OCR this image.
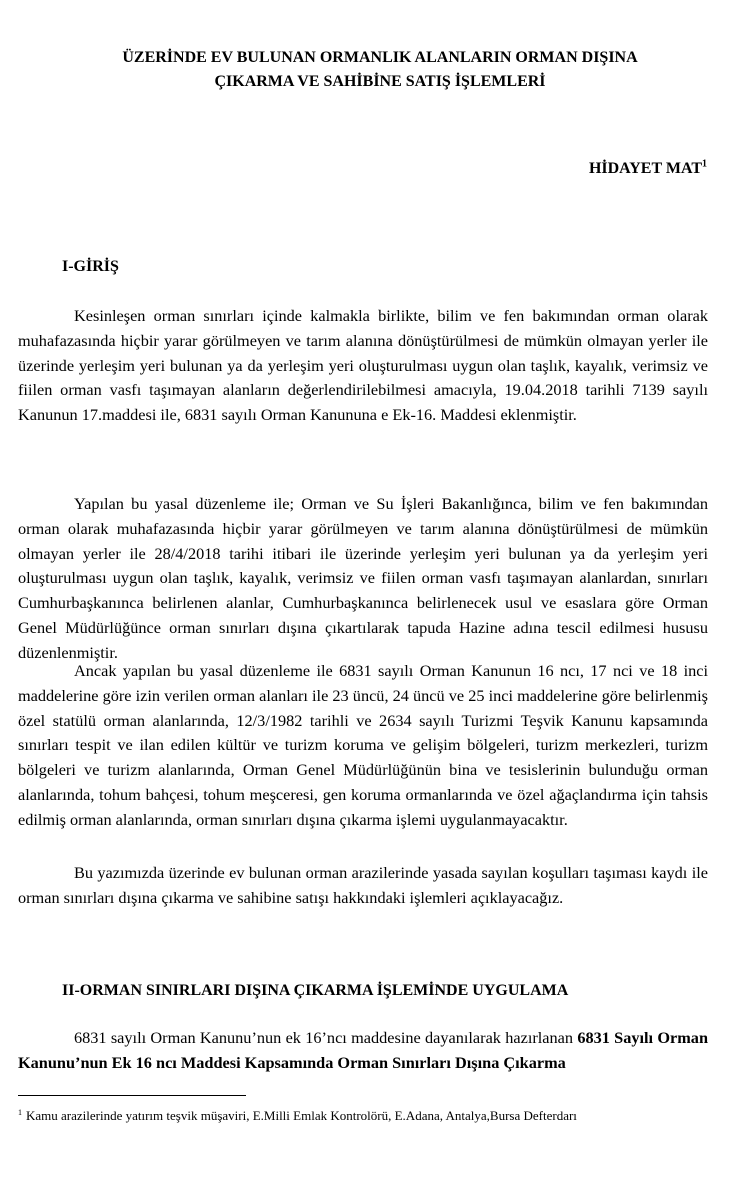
ÜZERİNDE EV BULUNAN ORMANLIK ALANLARIN ORMAN DIŞINA
ÇIKARMA VE SAHİBİNE SATIŞ İŞLEMLERİ
HİDAYET MAT$^1$
I-GİRİŞ

Kesinleşen orman sınırları içinde kalmakla birlikte, bilim ve fen bakımından orman olarak muhafazasında hiçbir yarar görülmeyen ve tarım alanına dönüştürülmesi de mümkün olmayan yerler ile üzerinde yerleşim yeri bulunan ya da yerleşim yeri oluşturulması uygun olan taşlık, kayalık, verimsiz ve fiilen orman vasfı taşımayan alanların değerlendirilebilmesi amacıyla, 19.04.2018 tarihli 7139 sayılı Kanunun 17.maddesi ile, 6831 sayılı Orman Kanununa e Ek-16. Maddesi eklenmiştir.

Yapılan bu yasal düzenleme ile; Orman ve Su İşleri Bakanlığınca, bilim ve fen bakımından orman olarak muhafazasında hiçbir yarar görülmeyen ve tarım alanına dönüştürülmesi de mümkün olmayan yerler ile 28/4/2018 tarihi itibari ile üzerinde yerleşim yeri bulunan ya da yerleşim yeri oluşturulması uygun olan taşlık, kayalık, verimsiz ve fiilen orman vasfı taşımayan alanlardan, sınırları Cumhurbaşkanınca belirlenen alanlar, Cumhurbaşkanınca belirlenecek usul ve esaslara göre Orman Genel Müdürlüğünce orman sınırları dışına çıkartılarak tapuda Hazine adına tescil edilmesi hususu düzenlenmiştir.

Ancak yapılan bu yasal düzenleme ile 6831 sayılı Orman Kanunun 16 ncı, 17 nci ve 18 inci maddelerine göre izin verilen orman alanları ile 23 üncü, 24 üncü ve 25 inci maddelerine göre belirlenmiş özel statülü orman alanlarında, 12/3/1982 tarihli ve 2634 sayılı Turizmi Teşvik Kanunu kapsamında sınırları tespit ve ilan edilen kültür ve turizm koruma ve gelişim bölgeleri, turizm merkezleri, turizm bölgeleri ve turizm alanlarında, Orman Genel Müdürlüğünün bina ve tesislerinin bulunduğu orman alanlarında, tohum bahçesi, tohum meşceresi, gen koruma ormanlarında ve özel ağaçlandırma için tahsis edilmiş orman alanlarında, orman sınırları dışına çıkarma işlemi uygulanmayacaktır.

Bu yazımızda üzerinde ev bulunan orman arazilerinde yasada sayılan koşulları taşıması kaydı ile orman sınırları dışına çıkarma ve sahibine satışı hakkındaki işlemleri açıklayacağız.

II-ORMAN SINIRLARI DIŞINA ÇIKARMA İŞLEMİNDE UYGULAMA

6831 sayılı Orman Kanunu’nun ek 16’ncı maddesine dayanılarak hazırlanan 6831 Sayılı Orman Kanunu’nun Ek 16 ncı Maddesi Kapsamında Orman Sınırları Dışına Çıkarma

$^1$ Kamu arazilerinde yatırım teşvik müşaviri, E.Milli Emlak Kontrolörü, E.Adana, Antalya,Bursa Defterdarı
